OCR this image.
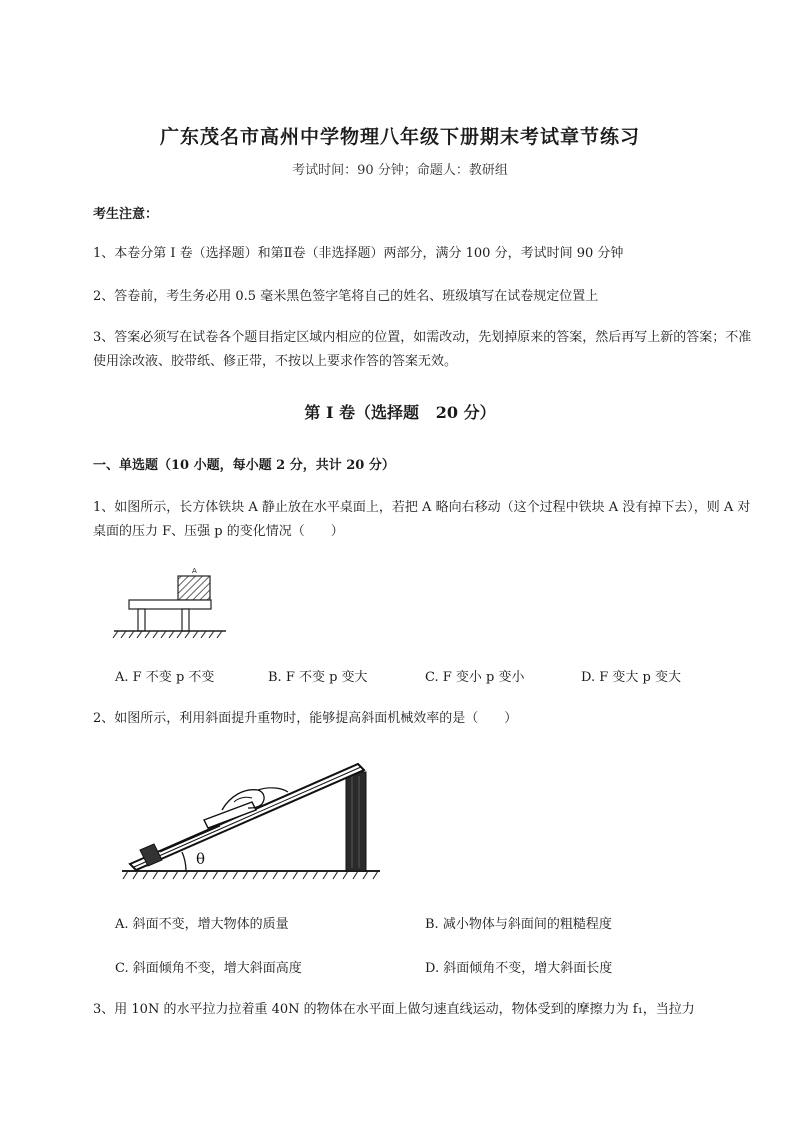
广东茂名市高州中学物理八年级下册期末考试章节练习
考试时间：90 分钟；命题人：教研组
考生注意：
1、本卷分第 I 卷（选择题）和第Ⅱ卷（非选择题）两部分，满分 100 分，考试时间 90 分钟
2、答卷前，考生务必用 0.5 毫米黑色签字笔将自己的姓名、班级填写在试卷规定位置上
3、答案必须写在试卷各个题目指定区域内相应的位置，如需改动，先划掉原来的答案，然后再写上新的答案；不准使用涂改液、胶带纸、修正带，不按以上要求作答的答案无效。
第 I 卷（选择题   20 分）
一、单选题（10 小题，每小题 2 分，共计 20 分）
1、如图所示，长方体铁块 A 静止放在水平桌面上，若把 A 略向右移动（这个过程中铁块 A 没有掉下去），则 A 对桌面的压力 F、压强 p 的变化情况（　　）
A
A. F 不变 p 不变	B. F 不变 p 变大	C. F 变小 p 变小	D. F 变大 p 变大
2、如图所示，利用斜面提升重物时，能够提高斜面机械效率的是（　　）
θ
A. 斜面不变，增大物体的质量	B. 减小物体与斜面间的粗糙程度
C. 斜面倾角不变，增大斜面高度	D. 斜面倾角不变，增大斜面长度
3、用 10N 的水平拉力拉着重 40N 的物体在水平面上做匀速直线运动，物体受到的摩擦力为 f₁，当拉力
